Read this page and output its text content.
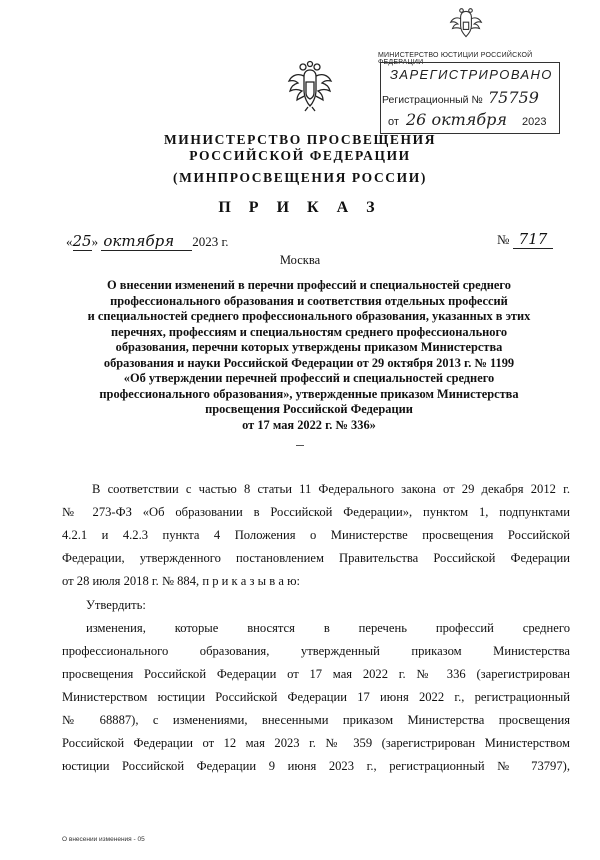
МИНИСТЕРСТВО ЮСТИЦИИ РОССИЙСКОЙ ФЕДЕРАЦИИ
ЗАРЕГИСТРИРОВАНО
Регистрационный № 75759
от 26 октября 2023
МИНИСТЕРСТВО ПРОСВЕЩЕНИЯ
РОССИЙСКОЙ ФЕДЕРАЦИИ
(МИНПРОСВЕЩЕНИЯ РОССИИ)
П Р И К А З
«25» октября 2023 г.	№ 717
Москва
О внесении изменений в перечни профессий и специальностей среднего
профессионального образования и соответствия отдельных профессий
и специальностей среднего профессионального образования, указанных в этих
перечнях, профессиям и специальностям среднего профессионального
образования, перечни которых утверждены приказом Министерства
образования и науки Российской Федерации от 29 октября 2013 г. № 1199
«Об утверждении перечней профессий и специальностей среднего
профессионального образования», утвержденные приказом Министерства
просвещения Российской Федерации
от 17 мая 2022 г. № 336»

В соответствии с частью 8 статьи 11 Федерального закона от 29 декабря 2012 г.
№ 273-ФЗ «Об образовании в Российской Федерации», пунктом 1, подпунктами
4.2.1 и 4.2.3 пункта 4 Положения о Министерстве просвещения Российской
Федерации, утвержденного постановлением Правительства Российской Федерации
от 28 июля 2018 г. № 884, п р и к а з ы в а ю:

Утвердить:

изменения, которые вносятся в перечень профессий среднего
профессионального образования, утвержденный приказом Министерства
просвещения Российской Федерации от 17 мая 2022 г. № 336 (зарегистрирован
Министерством юстиции Российской Федерации 17 июня 2022 г., регистрационный
№ 68887), с изменениями, внесенными приказом Министерства просвещения
Российской Федерации от 12 мая 2023 г. № 359 (зарегистрирован Министерством
юстиции Российской Федерации 9 июня 2023 г., регистрационный № 73797),

О внесении изменения - 05
